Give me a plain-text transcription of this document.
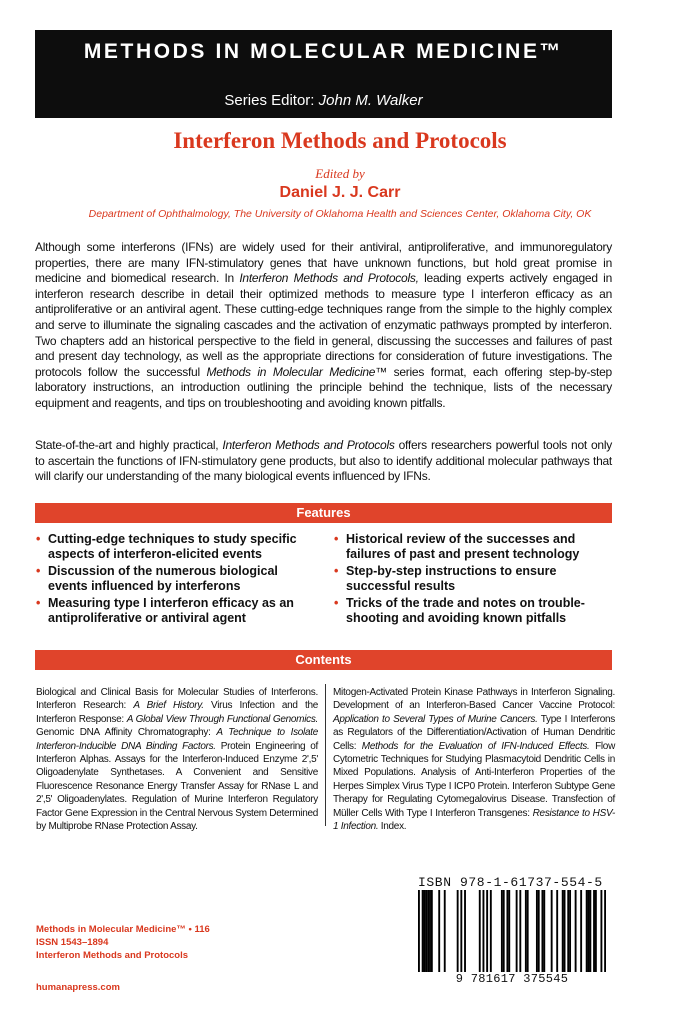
METHODS IN MOLECULAR MEDICINE™
Series Editor: John M. Walker
Interferon Methods and Protocols
Edited by
Daniel J. J. Carr
Department of Ophthalmology, The University of Oklahoma Health and Sciences Center, Oklahoma City, OK
Although some interferons (IFNs) are widely used for their antiviral, antiproliferative, and immunoregulatory properties, there are many IFN-stimulatory genes that have unknown functions, but hold great promise in medicine and biomedical research. In Interferon Methods and Protocols, leading experts actively engaged in interferon research describe in detail their optimized methods to measure type I interferon efficacy as an antiproliferative or an antiviral agent. These cutting-edge techniques range from the simple to the highly complex and serve to illuminate the signaling cascades and the activation of enzymatic pathways prompted by interferon. Two chapters add an historical perspective to the field in general, discussing the successes and failures of past and present day technology, as well as the appropriate directions for consideration of future investigations. The protocols follow the successful Methods in Molecular Medicine™ series format, each offering step-by-step laboratory instructions, an introduction outlining the principle behind the technique, lists of the necessary equipment and reagents, and tips on troubleshooting and avoiding known pitfalls.
State-of-the-art and highly practical, Interferon Methods and Protocols offers researchers powerful tools not only to ascertain the functions of IFN-stimulatory gene products, but also to identify additional molecular pathways that will clarify our understanding of the many biological events influenced by IFNs.
Features
• Cutting-edge techniques to study specific aspects of interferon-elicited events
• Discussion of the numerous biological events influenced by interferons
• Measuring type I interferon efficacy as an antiproliferative or antiviral agent
• Historical review of the successes and failures of past and present technology
• Step-by-step instructions to ensure successful results
• Tricks of the trade and notes on trouble-shooting and avoiding known pitfalls
Contents
Biological and Clinical Basis for Molecular Studies of Interferons. Interferon Research: A Brief History. Virus Infection and the Interferon Response: A Global View Through Functional Genomics. Genomic DNA Affinity Chromatography: A Technique to Isolate Interferon-Inducible DNA Binding Factors. Protein Engineering of Interferon Alphas. Assays for the Interferon-Induced Enzyme 2',5' Oligoadenylate Synthetases. A Convenient and Sensitive Fluorescence Resonance Energy Transfer Assay for RNase L and 2',5' Oligoadenylates. Regulation of Murine Interferon Regulatory Factor Gene Expression in the Central Nervous System Determined by Multiprobe RNase Protection Assay.
Mitogen-Activated Protein Kinase Pathways in Interferon Signaling. Development of an Interferon-Based Cancer Vaccine Protocol: Application to Several Types of Murine Cancers. Type I Interferons as Regulators of the Differentiation/Activation of Human Dendritic Cells: Methods for the Evaluation of IFN-Induced Effects. Flow Cytometric Techniques for Studying Plasmacytoid Dendritic Cells in Mixed Populations. Analysis of Anti-Interferon Properties of the Herpes Simplex Virus Type I ICP0 Protein. Interferon Subtype Gene Therapy for Regulating Cytomegalovirus Disease. Transfection of Müller Cells With Type I Interferon Transgenes: Resistance to HSV-1 Infection. Index.
Methods in Molecular Medicine™ • 116
ISSN 1543–1894
Interferon Methods and Protocols
humanapress.com
ISBN 978-1-61737-554-5
9 781617 375545
